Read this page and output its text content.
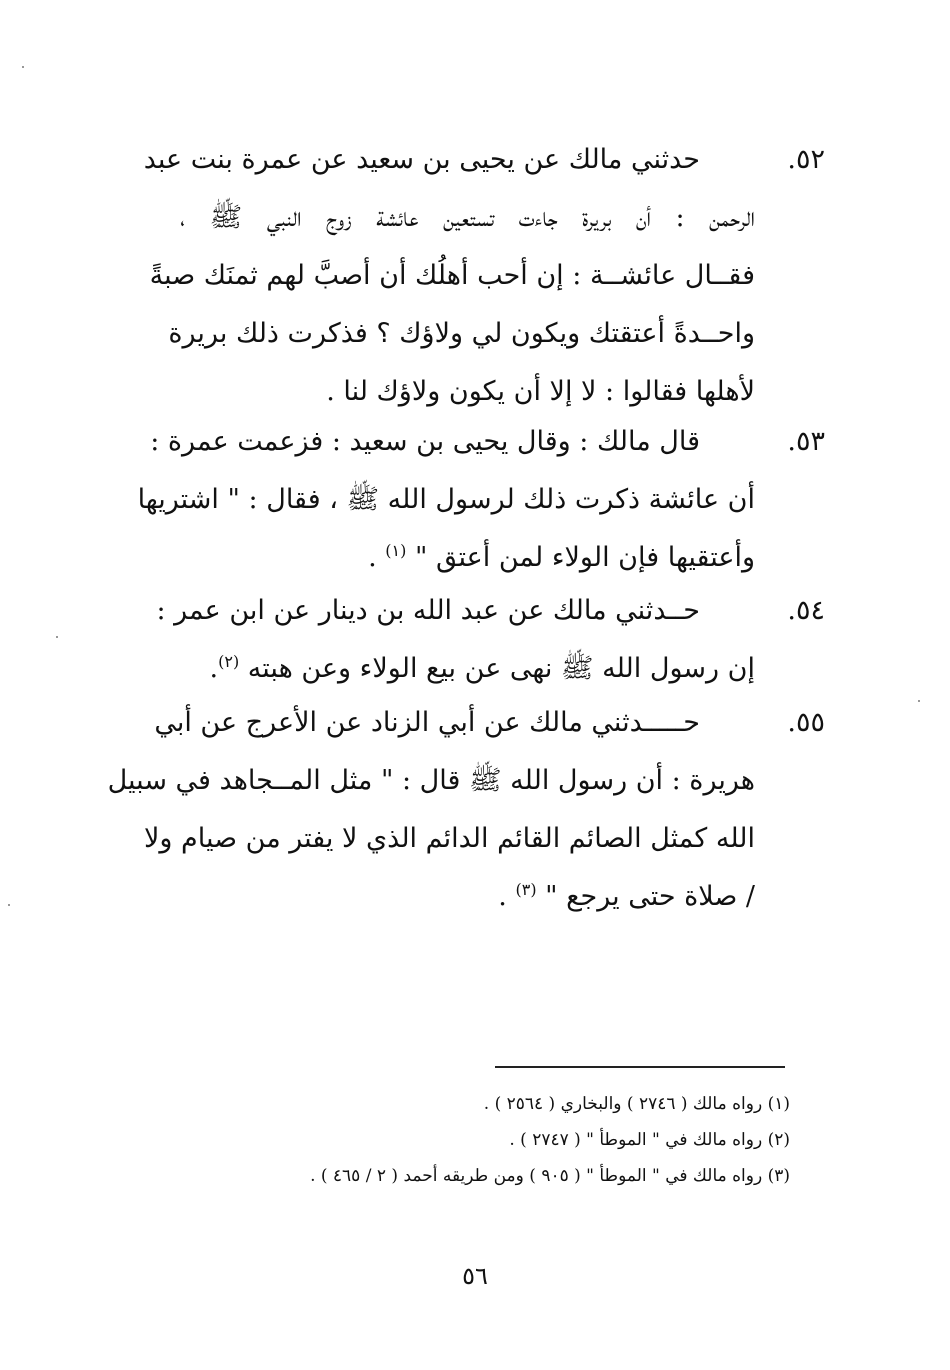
٥٢.
حدثني مالك عن يحيى بن سعيد عن عمرة بنت عبد
الرحمن : أن بريرة جاءت تستعين عائشة زوج النبي ﷺ ،
فقــال عائشــة : إن أحب أهلُك أن أصبَّ لهم ثمنَك صبةً
واحــدةً أعتقتك ويكون لي ولاؤك ؟ فذكرت ذلك بريرة
لأهلها فقالوا : لا إلا أن يكون ولاؤك لنا .
٥٣.
قال مالك : وقال يحيى بن سعيد : فزعمت عمرة :
أن عائشة ذكرت ذلك لرسول الله ﷺ ، فقال : " اشتريها
وأعتقيها فإن الولاء لمن أعتق " $^{(١)}$ .
٥٤.
حــدثني مالك عن عبد الله بن دينار عن ابن عمر :
إن رسول الله ﷺ نهى عن بيع الولاء وعن هبته $^{(٢)}$.
٥٥.
حـــــدثني مالك عن أبي الزناد عن الأعرج عن أبي
هريرة : أن رسول الله ﷺ قال : " مثل المــجاهد في سبيل
الله كمثل الصائم القائم الدائم الذي لا يفتر من صيام ولا
/ صلاة حتى يرجع " $^{(٣)}$ .
(١) رواه مالك ( ٢٧٤٦ ) والبخاري ( ٢٥٦٤ ) .
(٢) رواه مالك في " الموطأ " ( ٢٧٤٧ ) .
(٣) رواه مالك في " الموطأ " ( ٩٠٥ ) ومن طريقه أحمد ( ٢ / ٤٦٥ ) .
٥٦
